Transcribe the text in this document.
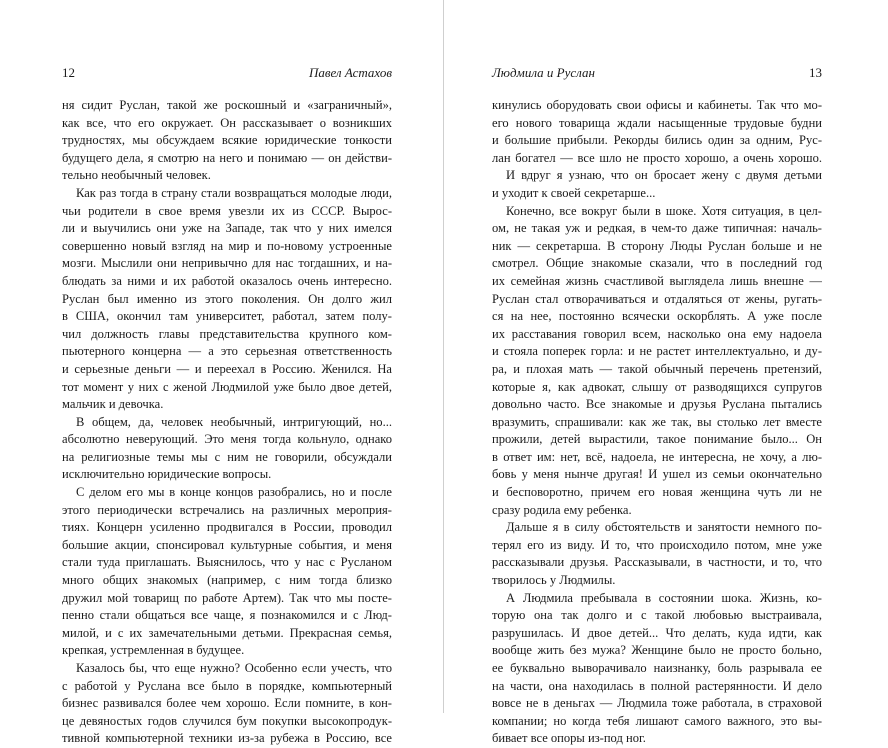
12	Павел Астахов
ня сидит Руслан, такой же роскошный и «заграничный»,
как все, что его окружает. Он рассказывает о возникших
трудностях, мы обсуждаем всякие юридические тонкости
будущего дела, я смотрю на него и понимаю — он действи-
тельно необычный человек.
Как раз тогда в страну стали возвращаться молодые люди,
чьи родители в свое время увезли их из СССР. Вырос-
ли и выучились они уже на Западе, так что у них имелся
совершенно новый взгляд на мир и по-новому устроенные
мозги. Мыслили они непривычно для нас тогдашних, и на-
блюдать за ними и их работой оказалось очень интересно.
Руслан был именно из этого поколения. Он долго жил
в США, окончил там университет, работал, затем полу-
чил должность главы представительства крупного ком-
пьютерного концерна — а это серьезная ответственность
и серьезные деньги — и переехал в Россию. Женился. На
тот момент у них с женой Людмилой уже было двое детей,
мальчик и девочка.
В общем, да, человек необычный, интригующий, но...
абсолютно неверующий. Это меня тогда кольнуло, однако
на религиозные темы мы с ним не говорили, обсуждали
исключительно юридические вопросы.
С делом его мы в конце концов разобрались, но и после
этого периодически встречались на различных мероприя-
тиях. Концерн усиленно продвигался в России, проводил
большие акции, спонсировал культурные события, и меня
стали туда приглашать. Выяснилось, что у нас с Русланом
много общих знакомых (например, с ним тогда близко
дружил мой товарищ по работе Артем). Так что мы посте-
пенно стали общаться все чаще, я познакомился и с Люд-
милой, и с их замечательными детьми. Прекрасная семья,
крепкая, устремленная в будущее.
Казалось бы, что еще нужно? Особенно если учесть, что
с работой у Руслана все было в порядке, компьютерный
бизнес развивался более чем хорошо. Если помните, в кон-
це девяностых годов случился бум покупки высокопродук-
тивной компьютерной техники из-за рубежа в Россию, все
Людмила и Руслан	13
кинулись оборудовать свои офисы и кабинеты. Так что мо-
его нового товарища ждали насыщенные трудовые будни
и большие прибыли. Рекорды бились один за одним, Рус-
лан богател — все шло не просто хорошо, а очень хорошо.
И вдруг я узнаю, что он бросает жену с двумя детьми
и уходит к своей секретарше...
Конечно, все вокруг были в шоке. Хотя ситуация, в цел-
ом, не такая уж и редкая, в чем-то даже типичная: началь-
ник — секретарша. В сторону Люды Руслан больше и не
смотрел. Общие знакомые сказали, что в последний год
их семейная жизнь счастливой выглядела лишь внешне —
Руслан стал отворачиваться и отдаляться от жены, ругать-
ся на нее, постоянно всячески оскорблять. А уже после
их расставания говорил всем, насколько она ему надоела
и стояла поперек горла: и не растет интеллектуально, и ду-
ра, и плохая мать — такой обычный перечень претензий,
которые я, как адвокат, слышу от разводящихся супругов
довольно часто. Все знакомые и друзья Руслана пытались
вразумить, спрашивали: как же так, вы столько лет вместе
прожили, детей вырастили, такое понимание было... Он
в ответ им: нет, всё, надоела, не интересна, не хочу, а лю-
бовь у меня нынче другая! И ушел из семьи окончательно
и бесповоротно, причем его новая женщина чуть ли не
сразу родила ему ребенка.
Дальше я в силу обстоятельств и занятости немного по-
терял его из виду. И то, что происходило потом, мне уже
рассказывали друзья. Рассказывали, в частности, и то, что
творилось у Людмилы.
А Людмила пребывала в состоянии шока. Жизнь, ко-
торую она так долго и с такой любовью выстраивала,
разрушилась. И двое детей... Что делать, куда идти, как
вообще жить без мужа? Женщине было не просто больно,
ее буквально выворачивало наизнанку, боль разрывала ее
на части, она находилась в полной растерянности. И дело
вовсе не в деньгах — Людмила тоже работала, в страховой
компании; но когда тебя лишают самого важного, это вы-
бивает все опоры из-под ног.
